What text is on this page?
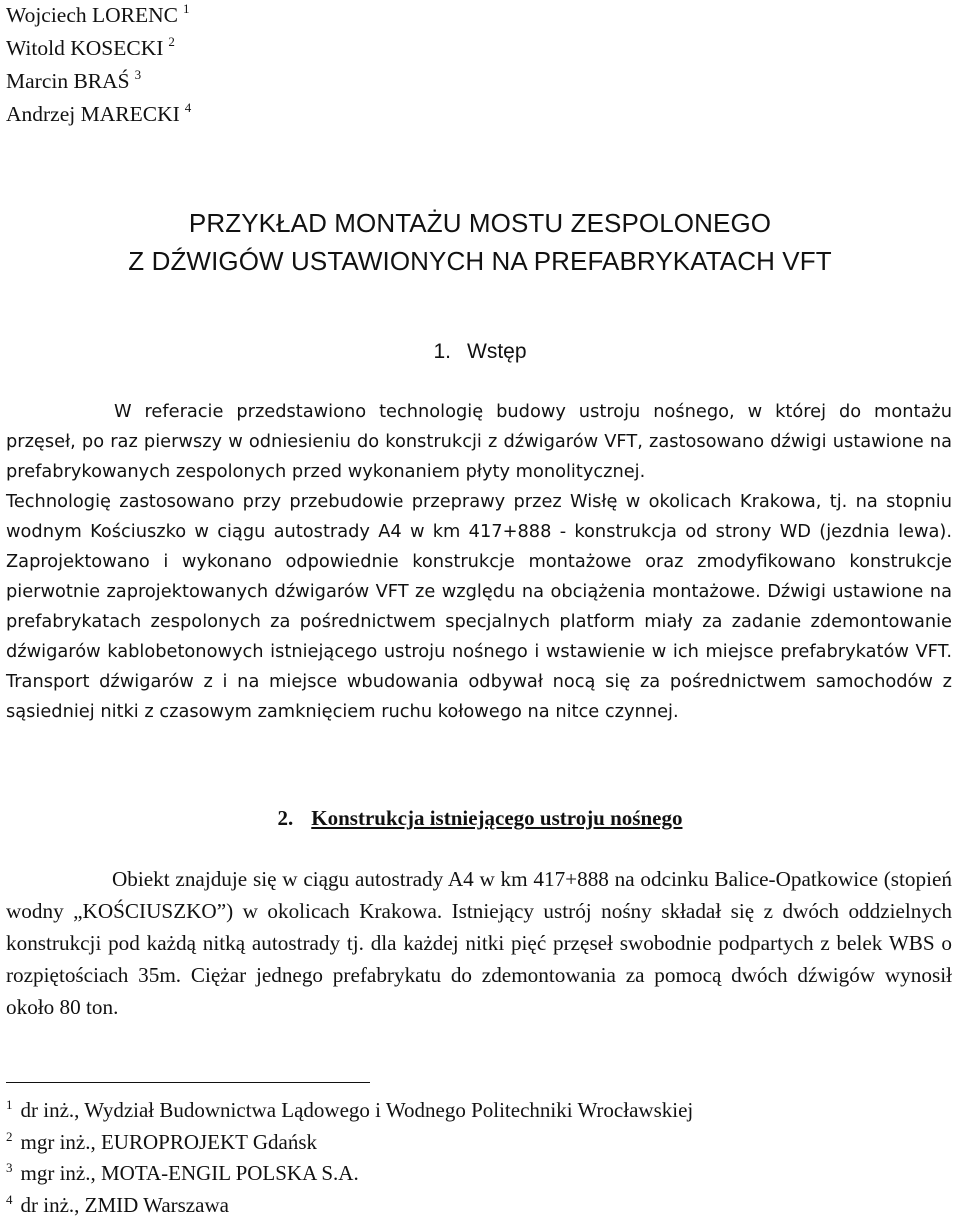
Wojciech LORENC $^1$
Witold KOSECKI $^2$
Marcin BRAŚ $^3$
Andrzej MARECKI $^4$
PRZYKŁAD MONTAŻU MOSTU ZESPOLONEGO
Z DŹWIGÓW USTAWIONYCH NA PREFABRYKATACH VFT
1. Wstęp

W referacie przedstawiono technologię budowy ustroju nośnego, w której do montażu przęseł, po raz pierwszy w odniesieniu do konstrukcji z dźwigarów VFT, zastosowano dźwigi ustawione na prefabrykowanych zespolonych przed wykonaniem płyty monolitycznej.

Technologię zastosowano przy przebudowie przeprawy przez Wisłę w okolicach Krakowa, tj. na stopniu wodnym Kościuszko w ciągu autostrady A4 w km 417+888 - konstrukcja od strony WD (jezdnia lewa). Zaprojektowano i wykonano odpowiednie konstrukcje montażowe oraz zmodyfikowano konstrukcje pierwotnie zaprojektowanych dźwigarów VFT ze względu na obciążenia montażowe. Dźwigi ustawione na prefabrykatach zespolonych za pośrednictwem specjalnych platform miały za zadanie zdemontowanie dźwigarów kablobetonowych istniejącego ustroju nośnego i wstawienie w ich miejsce prefabrykatów VFT. Transport dźwigarów z i na miejsce wbudowania odbywał nocą się za pośrednictwem samochodów z sąsiedniej nitki z czasowym zamknięciem ruchu kołowego na nitce czynnej.

2. Konstrukcja istniejącego ustroju nośnego

Obiekt znajduje się w ciągu autostrady A4 w km 417+888 na odcinku Balice-Opatkowice (stopień wodny „KOŚCIUSZKO”) w okolicach Krakowa. Istniejący ustrój nośny składał się z dwóch oddzielnych konstrukcji pod każdą nitką autostrady tj. dla każdej nitki pięć przęseł swobodnie podpartych z belek WBS o rozpiętościach 35m. Ciężar jednego prefabrykatu do zdemontowania za pomocą dwóch dźwigów wynosił około 80 ton.

$^1$ dr inż., Wydział Budownictwa Lądowego i Wodnego Politechniki Wrocławskiej
$^2$ mgr inż., EUROPROJEKT Gdańsk
$^3$ mgr inż., MOTA-ENGIL POLSKA S.A.
$^4$ dr inż., ZMID Warszawa
